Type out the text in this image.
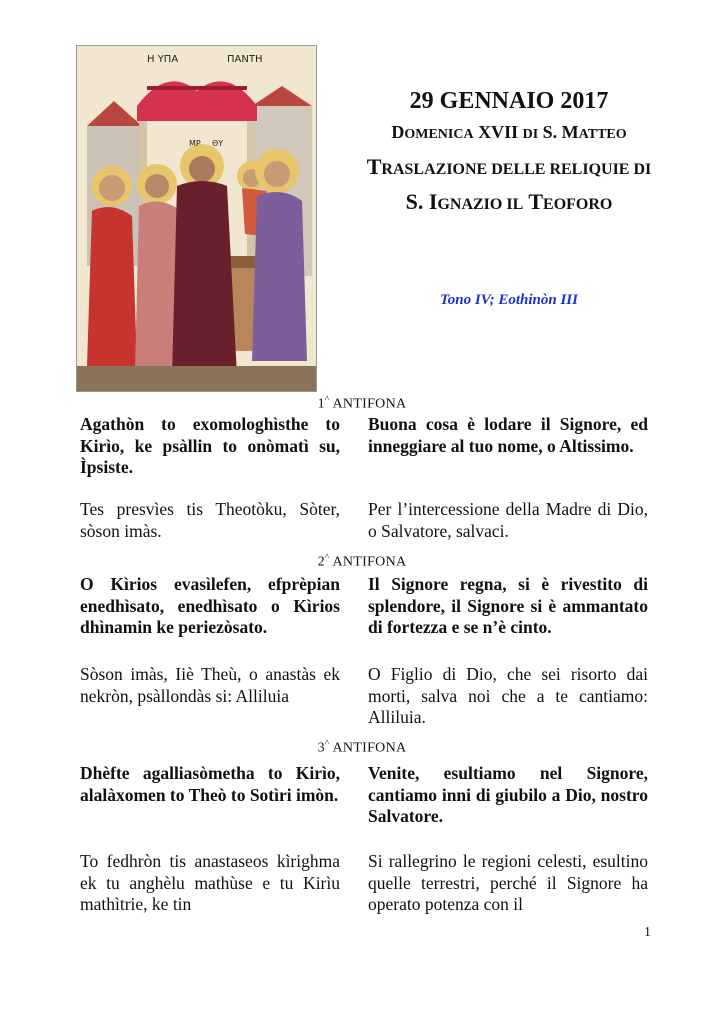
Η ΥΠΑ	ΠΑΝΤΗ
ΜΡ ΘΥ
29 GENNAIO 2017
DOMENICA XVII DI S. MATTEO
TRASLAZIONE DELLE RELIQUIE DI S. IGNAZIO IL TEOFORO
Tono IV; Eothinòn III
1^ ANTIFONA
Agathòn to exomologhìsthe to Kirìo, ke psàllin to onòmatì su, Ìpsiste.
Buona cosa è lodare il Signore, ed inneggiare al tuo nome, o Altissimo.
Tes presvìes tis Theotòku, Sòter, sòson imàs.
Per l’intercessione della Madre di Dio, o Salvatore, salvaci.
2^ ANTIFONA
O Kìrios evasìlefen, efprèpian enedhìsato, enedhìsato o Kìrios dhìnamin ke periezòsato.
Il Signore regna, si è rivestito di splendore, il Signore si è ammantato di fortezza e se n’è cinto.
Sòson imàs, Iiè Theù, o anastàs ek nekròn, psàllondàs si: Alliluia
O Figlio di Dio, che sei risorto dai morti, salva noi che a te cantiamo: Alliluia.
3^ ANTIFONA
Dhèfte agalliasòmetha to Kirìo, alalàxomen to Theò to Sotìri imòn.
Venite, esultiamo nel Signore, cantiamo inni di giubilo a Dio, nostro Salvatore.
To fedhròn tis anastaseos kìrighma ek tu anghèlu mathùse e tu Kirìu mathìtrie, ke tin
Si rallegrino le regioni celesti, esultino quelle terrestri, perché il Signore ha operato potenza con il
1
